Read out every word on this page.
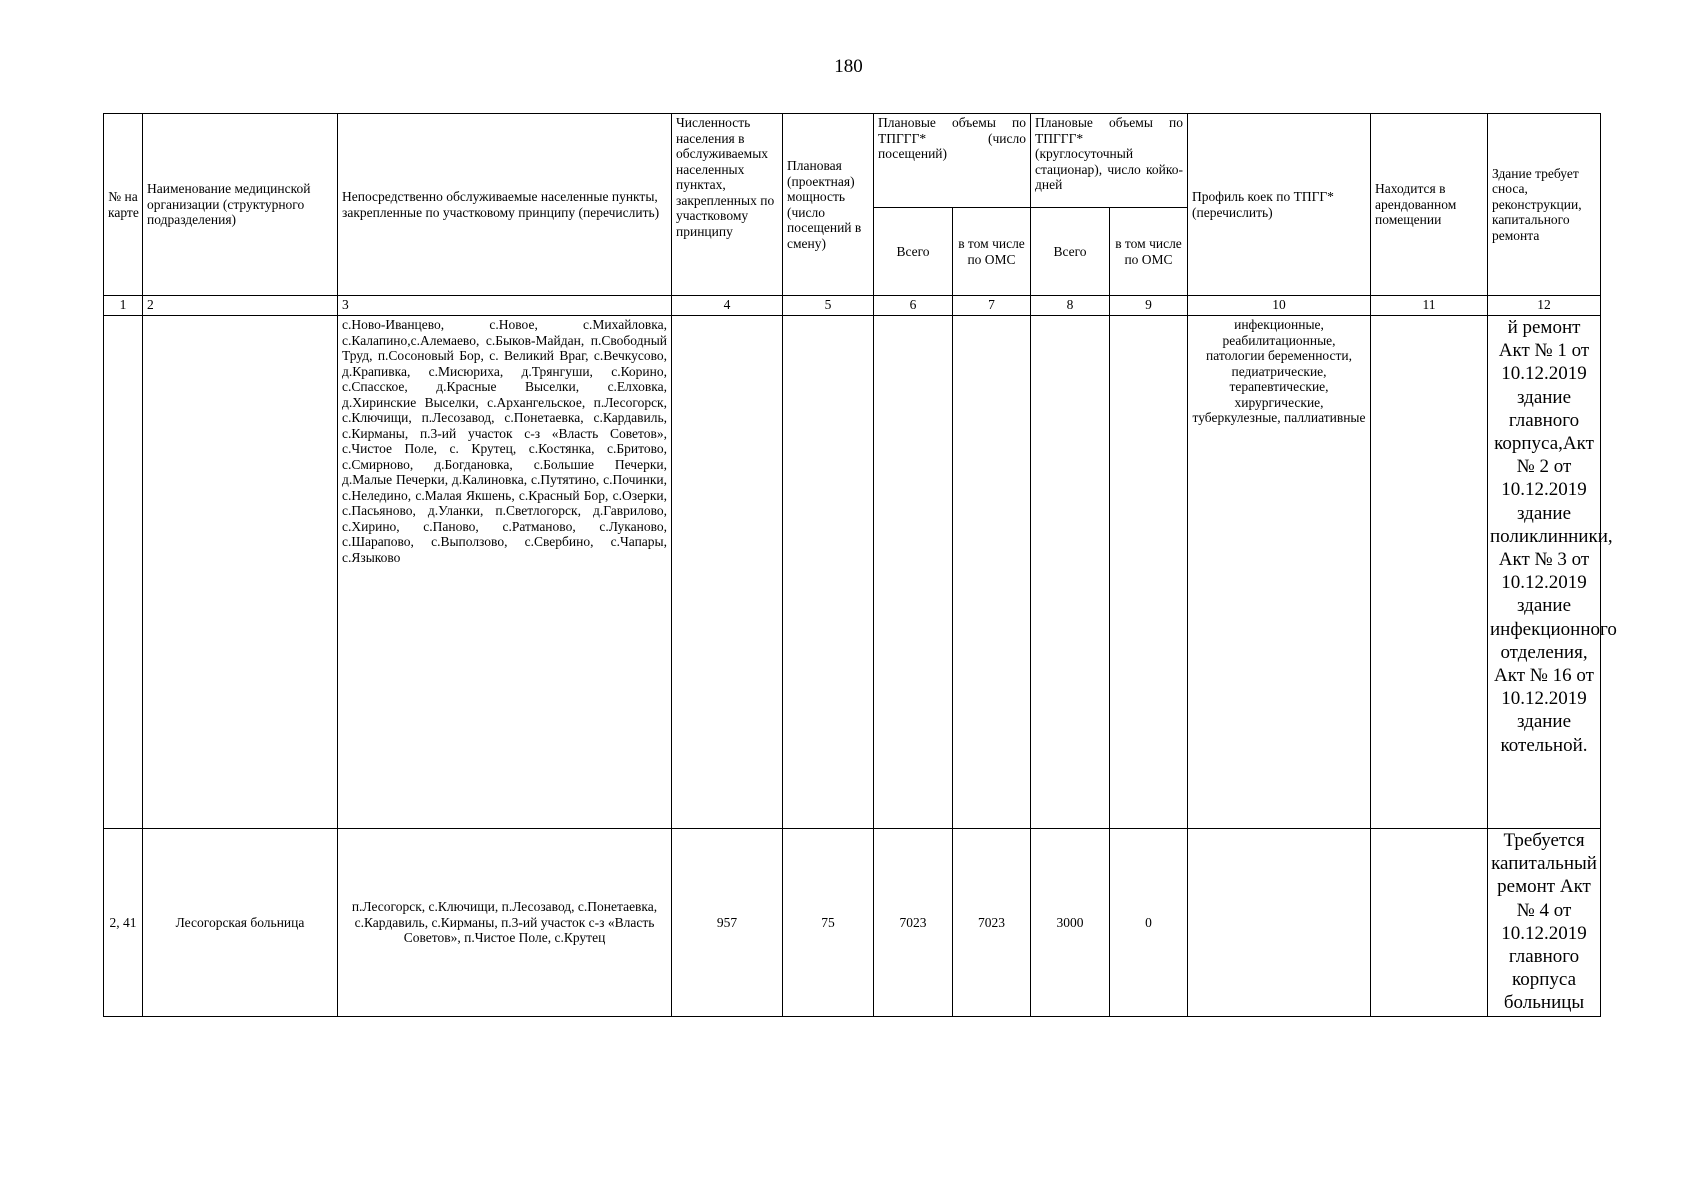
180
№ на карте	Наименование медицинской организации (структурного подразделения)	Непосредственно обслуживаемые населенные пункты, закрепленные по участковому принципу (перечислить)	Численность населения в обслуживаемых населенных пунктах, закрепленных по участковому принципу	Плановая (проектная) мощность (число посещений в смену)	Плановые объемы по ТПГГГ* (число посещений)		Плановые объемы по ТПГГГ* (круглосуточный стационар), число койко-дней		Профиль коек по ТПГГ* (перечислить)	Находится в арендованном помещении	Здание требует сноса, реконструкции, капитального ремонта
					Всего	в том числе по ОМС	Всего	в том числе по ОМС			
1	2	3	4	5	6	7	8	9	10	11	12
		с.Ново-Иванцево, с.Новое, с.Михайловка, с.Калапино,с.Алемаево, с.Быков-Майдан, п.Свободный Труд, п.Сосоновый Бор, с. Великий Враг, с.Вечкусово, д.Крапивка, с.Мисюриха, д.Трянгуши, с.Корино, с.Спасское, д.Красные Выселки, с.Елховка, д.Хиринские Выселки, с.Архангельское, п.Лесогорск, с.Ключищи, п.Лесозавод, с.Понетаевка, с.Кардавиль, с.Кирманы, п.3-ий участок с-з «Власть Советов», с.Чистое Поле, с. Крутец, с.Костянка, с.Бритово, с.Смирново, д.Богдановка, с.Большие Печерки, д.Малые Печерки, д.Калиновка, с.Путятино, с.Починки, с.Неледино, с.Малая Якшень, с.Красный Бор, с.Озерки, с.Пасьяново, д.Уланки, п.Светлогорск, д.Гаврилово, с.Хирино, с.Паново, с.Ратманово, с.Луканово, с.Шарапово, с.Выползово, с.Свербино, с.Чапары, с.Языково							инфекционные, реабилитационные, патологии беременности, педиатрические, терапевтические, хирургические, туберкулезные, паллиативные		й ремонт Акт № 1 от 10.12.2019 здание главного корпуса,Акт № 2 от 10.12.2019 здание поликлинники, Акт № 3 от 10.12.2019 здание инфекционного отделения, Акт № 16 от 10.12.2019 здание котельной.
2, 41	Лесогорская больница	п.Лесогорск, с.Ключищи, п.Лесозавод, с.Понетаевка, с.Кардавиль, с.Кирманы, п.3-ий участок с-з «Власть Советов», п.Чистое Поле, с.Крутец	957	75	7023	7023	3000	0			Требуется капитальный ремонт Акт № 4 от 10.12.2019 главного корпуса больницы
